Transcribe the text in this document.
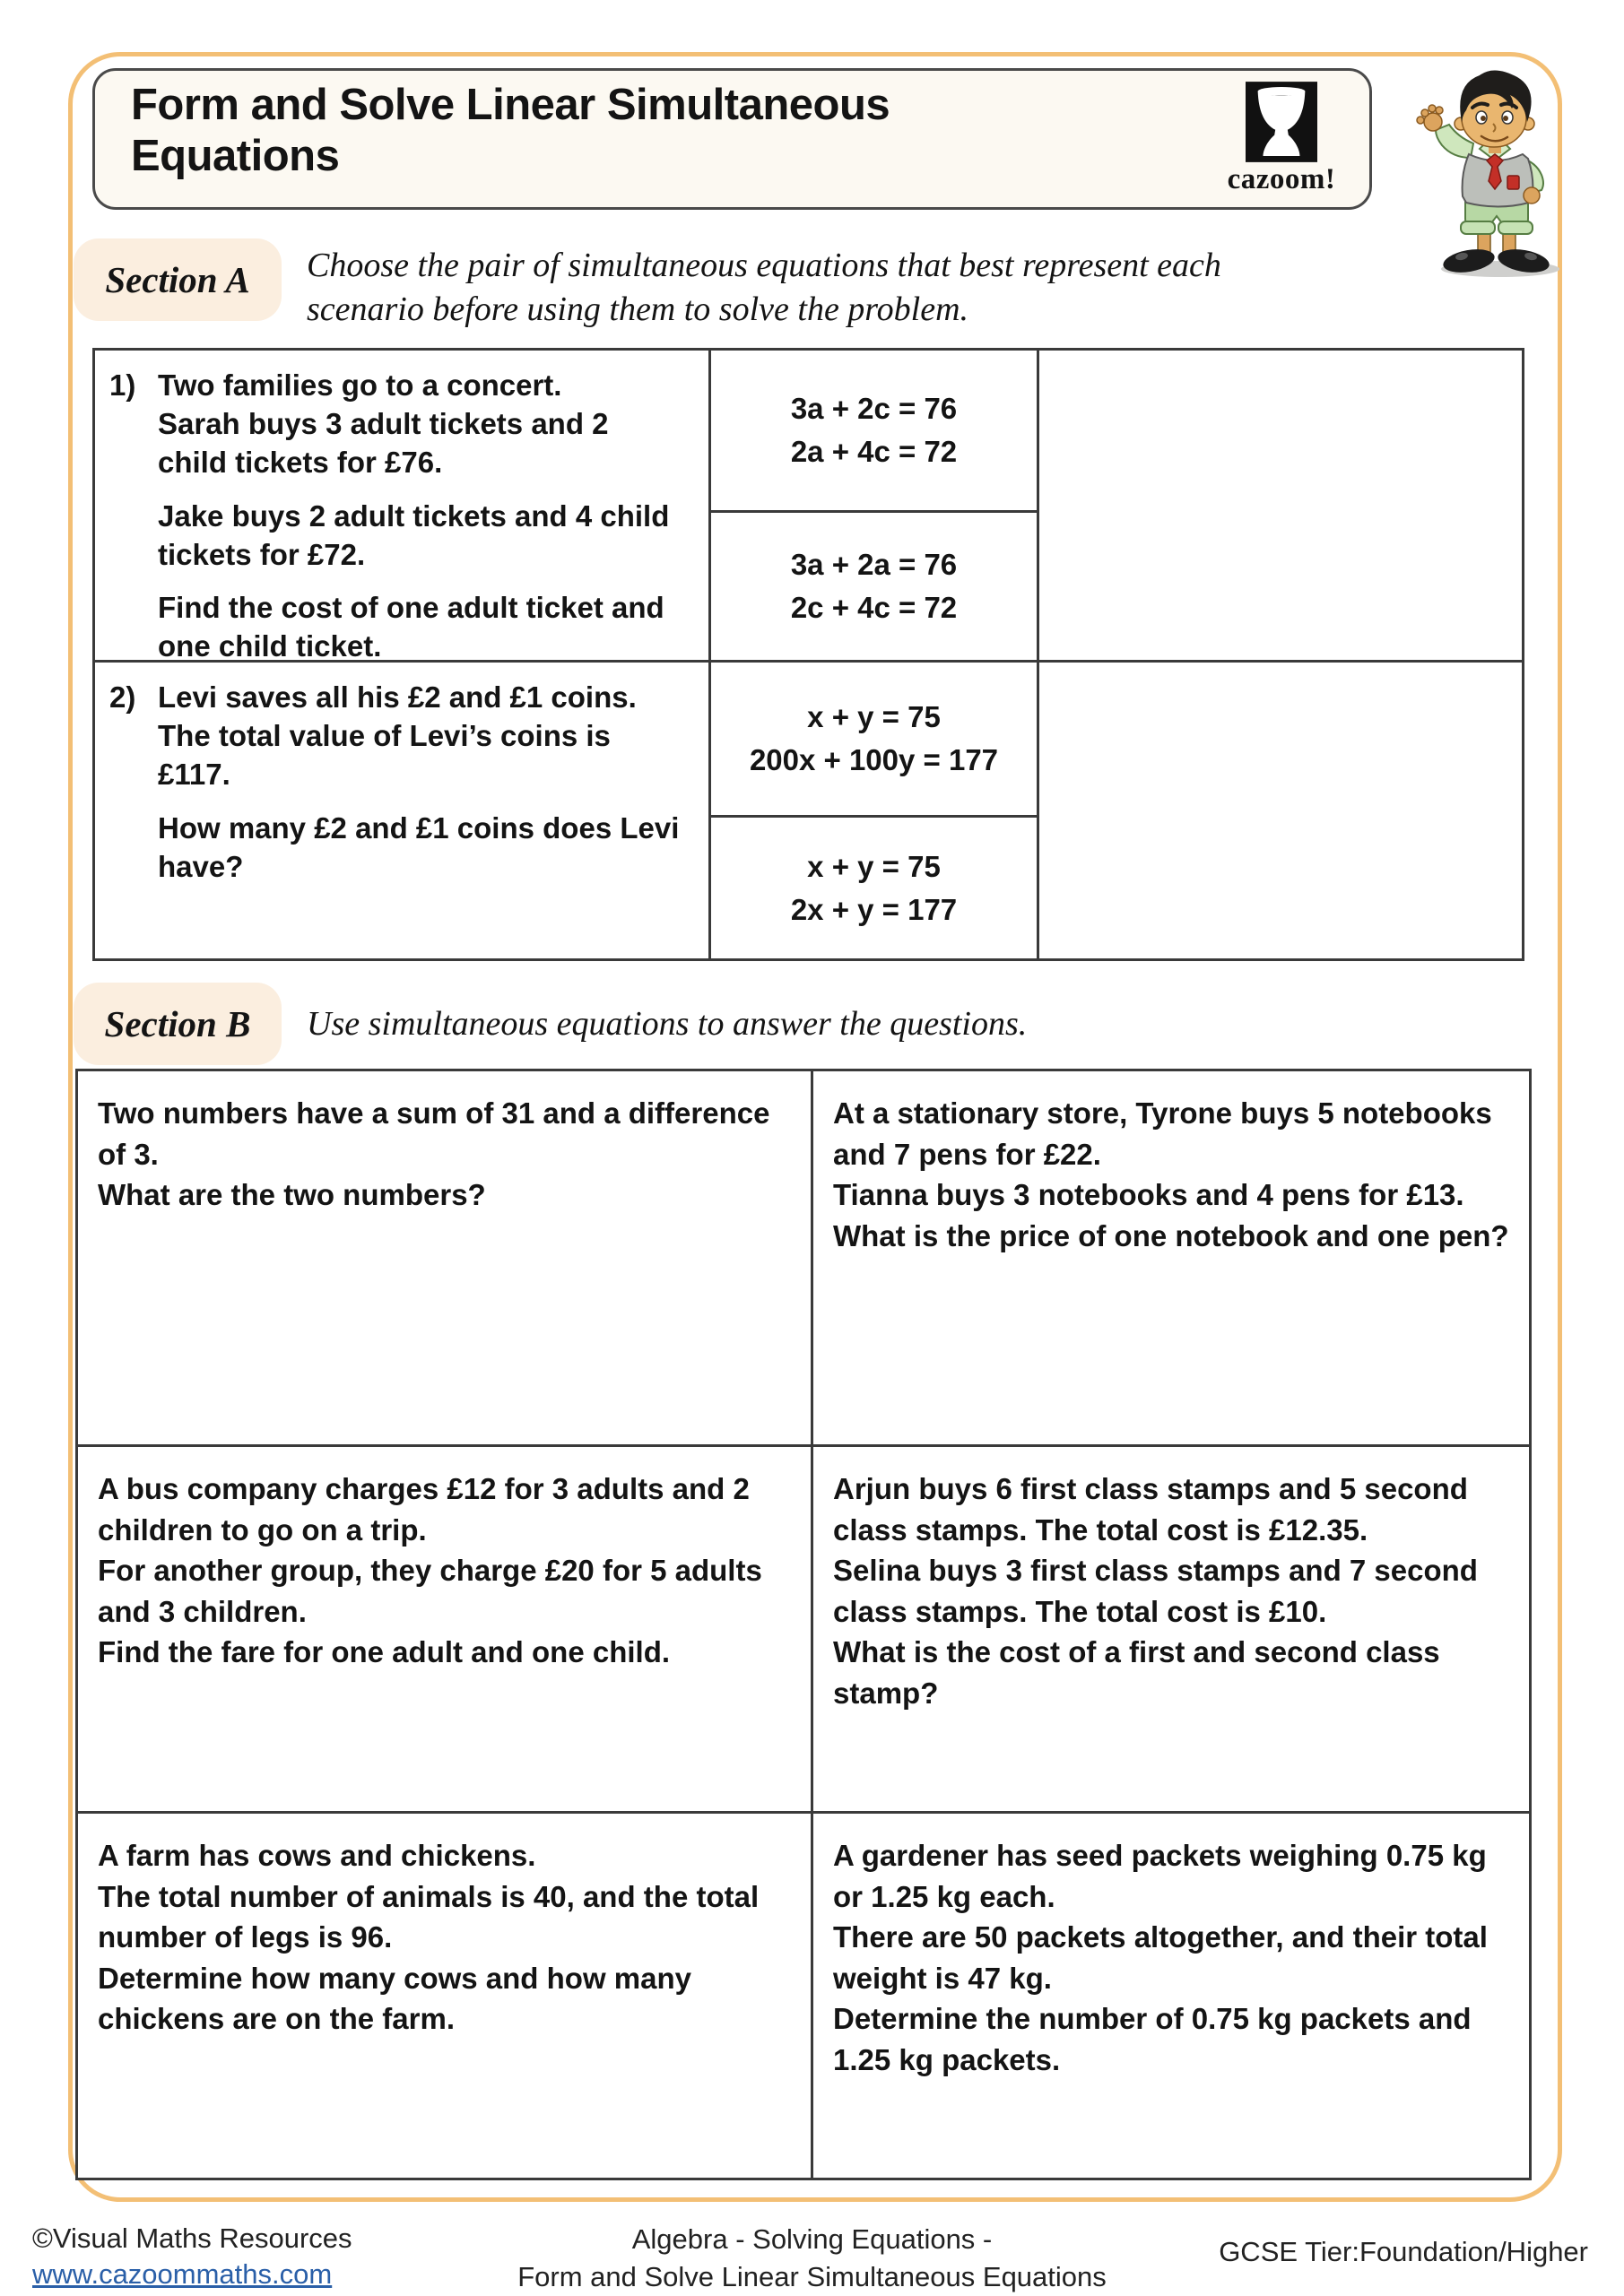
Form and Solve Linear Simultaneous Equations	cazoom!
Section A Choose the pair of simultaneous equations that best represent each scenario before using them to solve the problem.
1) Two families go to a concert.
Sarah buys 3 adult tickets and 2 child tickets for £76.
Jake buys 2 adult tickets and 4 child tickets for £72.
Find the cost of one adult ticket and one child ticket.
3a + 2c = 76
2a + 4c = 72
3a + 2a = 76
2c + 4c = 72
2) Levi saves all his £2 and £1 coins.
The total value of Levi’s coins is £117.
How many £2 and £1 coins does Levi have?
x + y = 75
200x + 100y = 177
x + y = 75
2x + y = 177
Section B Use simultaneous equations to answer the questions.
Two numbers have a sum of 31 and a difference of 3.
What are the two numbers?
At a stationary store, Tyrone buys 5 notebooks and 7 pens for £22.
Tianna buys 3 notebooks and 4 pens for £13.
What is the price of one notebook and one pen?
A bus company charges £12 for 3 adults and 2 children to go on a trip.
For another group, they charge £20 for 5 adults and 3 children.
Find the fare for one adult and one child.
Arjun buys 6 first class stamps and 5 second class stamps. The total cost is £12.35.
Selina buys 3 first class stamps and 7 second class stamps. The total cost is £10.
What is the cost of a first and second class stamp?
A farm has cows and chickens.
The total number of animals is 40, and the total number of legs is 96.
Determine how many cows and how many chickens are on the farm.
A gardener has seed packets weighing 0.75 kg or 1.25 kg each.
There are 50 packets altogether, and their total weight is 47 kg.
Determine the number of 0.75 kg packets and 1.25 kg packets.
©Visual Maths Resources
www.cazoommaths.com
Algebra - Solving Equations -
Form and Solve Linear Simultaneous Equations
GCSE Tier:Foundation/Higher
